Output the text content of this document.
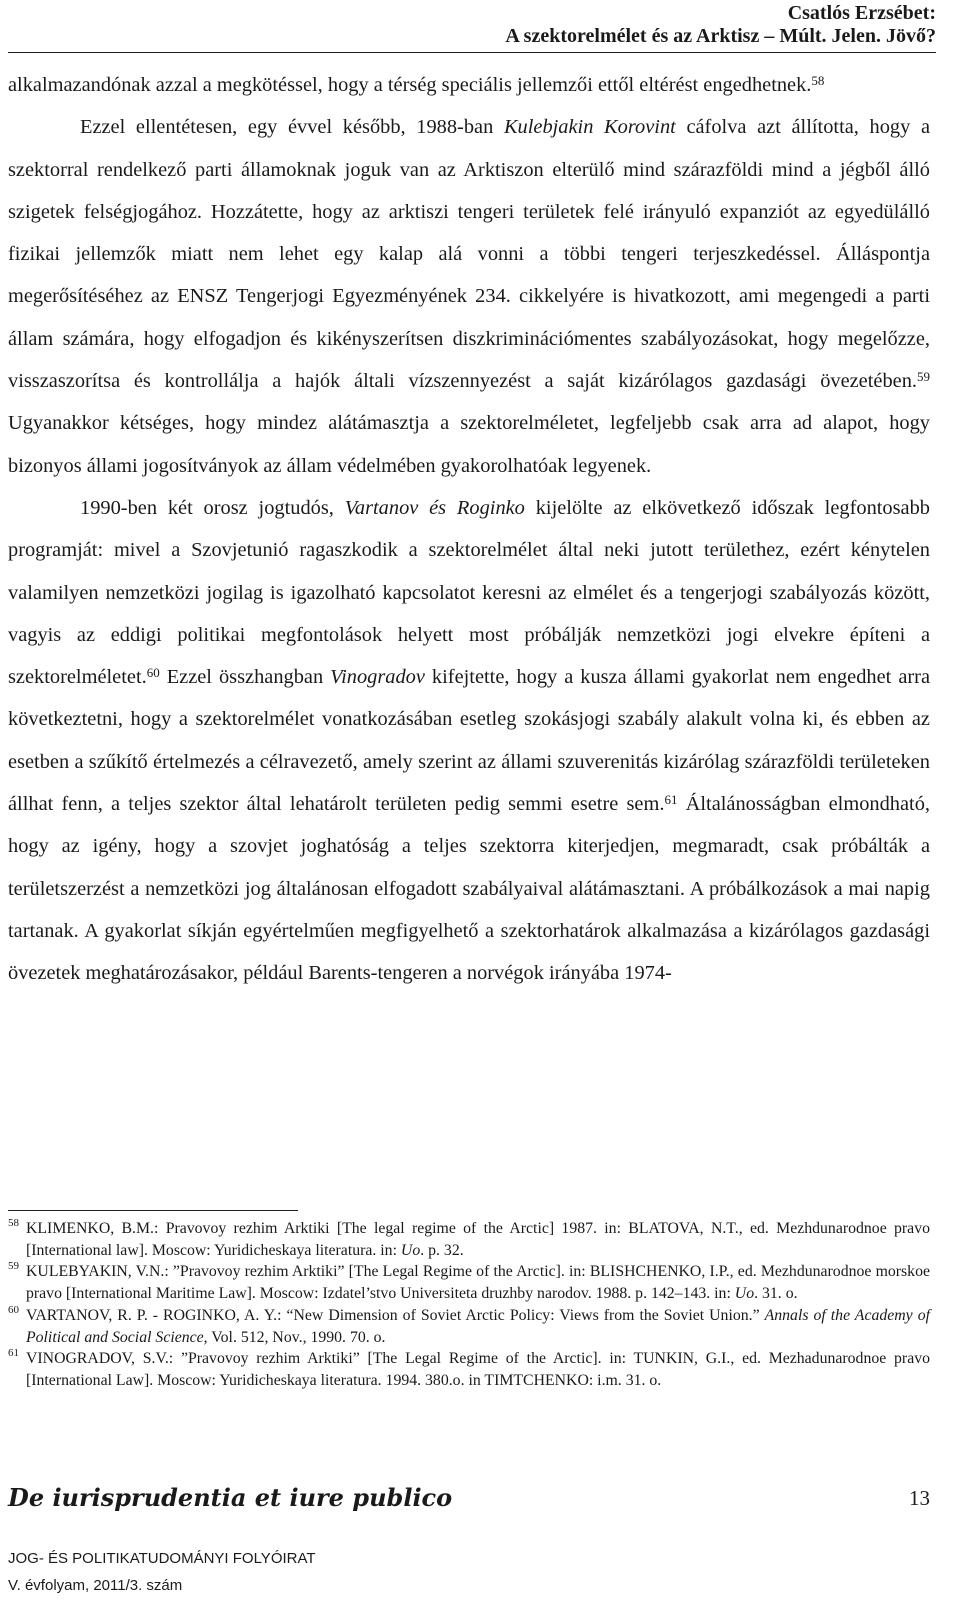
Csatlós Erzsébet:
A szektorelmélet és az Arktisz – Múlt. Jelen. Jövő?

alkalmazandónak azzal a megkötéssel, hogy a térség speciális jellemzői ettől eltérést engedhetnek.$^{58}$

Ezzel ellentétesen, egy évvel később, 1988-ban Kulebjakin Korovint cáfolva azt állította, hogy a szektorral rendelkező parti államoknak joguk van az Arktiszon elterülő mind szárazföldi mind a jégből álló szigetek felségjogához. Hozzátette, hogy az arktiszi tengeri területek felé irányuló expanziót az egyedülálló fizikai jellemzők miatt nem lehet egy kalap alá vonni a többi tengeri terjeszkedéssel. Álláspontja megerősítéséhez az ENSZ Tengerjogi Egyezményének 234. cikkelyére is hivatkozott, ami megengedi a parti állam számára, hogy elfogadjon és kikényszerítsen diszkriminációmentes szabályozásokat, hogy megelőzze, visszaszorítsa és kontrollálja a hajók általi vízszennyezést a saját kizárólagos gazdasági övezetében.$^{59}$ Ugyanakkor kétséges, hogy mindez alátámasztja a szektorelméletet, legfeljebb csak arra ad alapot, hogy bizonyos állami jogosítványok az állam védelmében gyakorolhatóak legyenek.

1990-ben két orosz jogtudós, Vartanov és Roginko kijelölte az elkövetkező időszak legfontosabb programját: mivel a Szovjetunió ragaszkodik a szektorelmélet által neki jutott területhez, ezért kénytelen valamilyen nemzetközi jogilag is igazolható kapcsolatot keresni az elmélet és a tengerjogi szabályozás között, vagyis az eddigi politikai megfontolások helyett most próbálják nemzetközi jogi elvekre építeni a szektorelméletet.$^{60}$ Ezzel összhangban Vinogradov kifejtette, hogy a kusza állami gyakorlat nem engedhet arra következtetni, hogy a szektorelmélet vonatkozásában esetleg szokásjogi szabály alakult volna ki, és ebben az esetben a szűkítő értelmezés a célravezető, amely szerint az állami szuverenitás kizárólag szárazföldi területeken állhat fenn, a teljes szektor által lehatárolt területen pedig semmi esetre sem.$^{61}$ Általánosságban elmondható, hogy az igény, hogy a szovjet joghatóság a teljes szektorra kiterjedjen, megmaradt, csak próbálták a területszerzést a nemzetközi jog általánosan elfogadott szabályaival alátámasztani. A próbálkozások a mai napig tartanak. A gyakorlat síkján egyértelműen megfigyelhető a szektorhatárok alkalmazása a kizárólagos gazdasági övezetek meghatározásakor, például Barents-tengeren a norvégok irányába 1974-

58 KLIMENKO, B.M.: Pravovoy rezhim Arktiki [The legal regime of the Arctic] 1987. in: BLATOVA, N.T., ed. Mezhdunarodnoe pravo [International law]. Moscow: Yuridicheskaya literatura. in: Uo. p. 32.

59 KULEBYAKIN, V.N.: ”Pravovoy rezhim Arktiki” [The Legal Regime of the Arctic]. in: BLISHCHENKO, I.P., ed. Mezhdunarodnoe morskoe pravo [International Maritime Law]. Moscow: Izdatel’stvo Universiteta druzhby narodov. 1988. p. 142–143. in: Uo. 31. o.

60 VARTANOV, R. P. - ROGINKO, A. Y.: “New Dimension of Soviet Arctic Policy: Views from the Soviet Union.” Annals of the Academy of Political and Social Science, Vol. 512, Nov., 1990. 70. o.

61 VINOGRADOV, S.V.: ”Pravovoy rezhim Arktiki” [The Legal Regime of the Arctic]. in: TUNKIN, G.I., ed. Mezhadunarodnoe pravo [International Law]. Moscow: Yuridicheskaya literatura. 1994. 380.o. in TIMTCHENKO: i.m. 31. o.

De iurisprudentia et iure publico
JOG- ÉS POLITIKATUDOMÁNYI FOLYÓIRAT
V. évfolyam, 2011/3. szám
13
